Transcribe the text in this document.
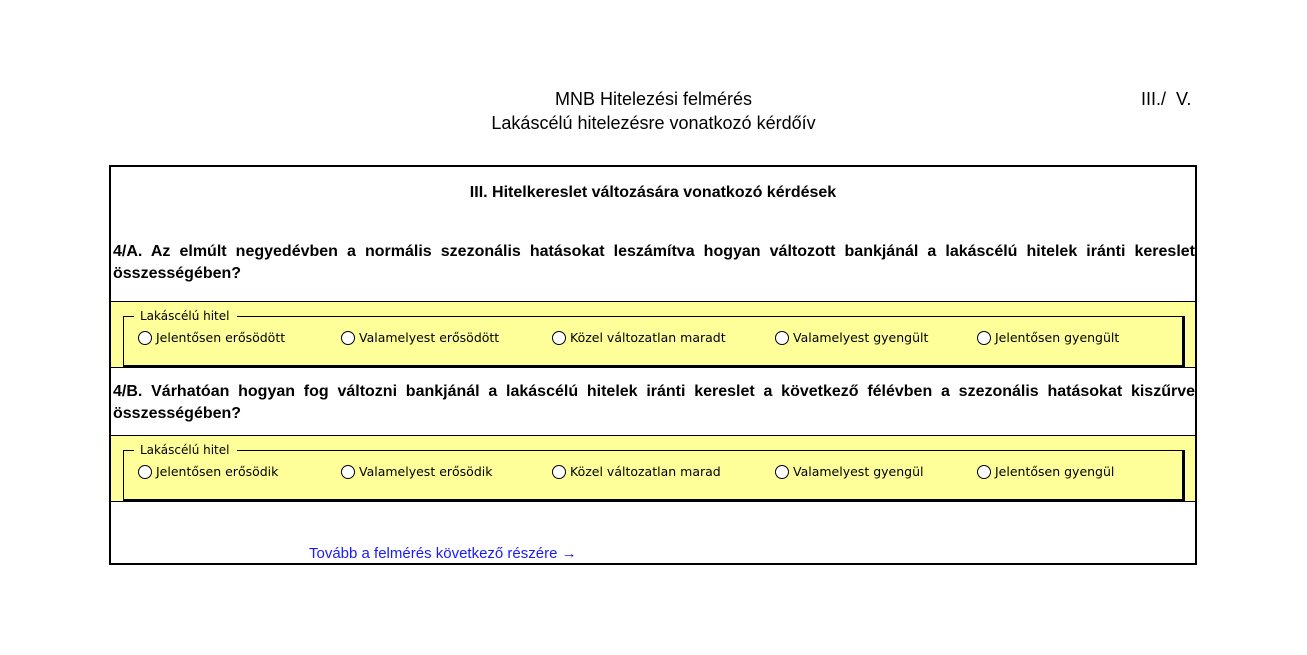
MNB Hitelezési felmérés
Lakáscélú hitelezésre vonatkozó kérdőív
III./  V.
III. Hitelkereslet változására vonatkozó kérdések
4/A. Az elmúlt negyedévben a normális szezonális hatásokat leszámítva hogyan változott bankjánál a lakáscélú hitelek iránti kereslet összességében?
Lakáscélú hitel
Jelentősen erősödött	Valamelyest erősödött	Közel változatlan maradt	Valamelyest gyengült	Jelentősen gyengült
4/B. Várhatóan hogyan fog változni bankjánál a lakáscélú hitelek iránti kereslet a következő félévben a szezonális hatásokat kiszűrve összességében?
Lakáscélú hitel
Jelentősen erősödik	Valamelyest erősödik	Közel változatlan marad	Valamelyest gyengül	Jelentősen gyengül
Tovább a felmérés következő részére →
